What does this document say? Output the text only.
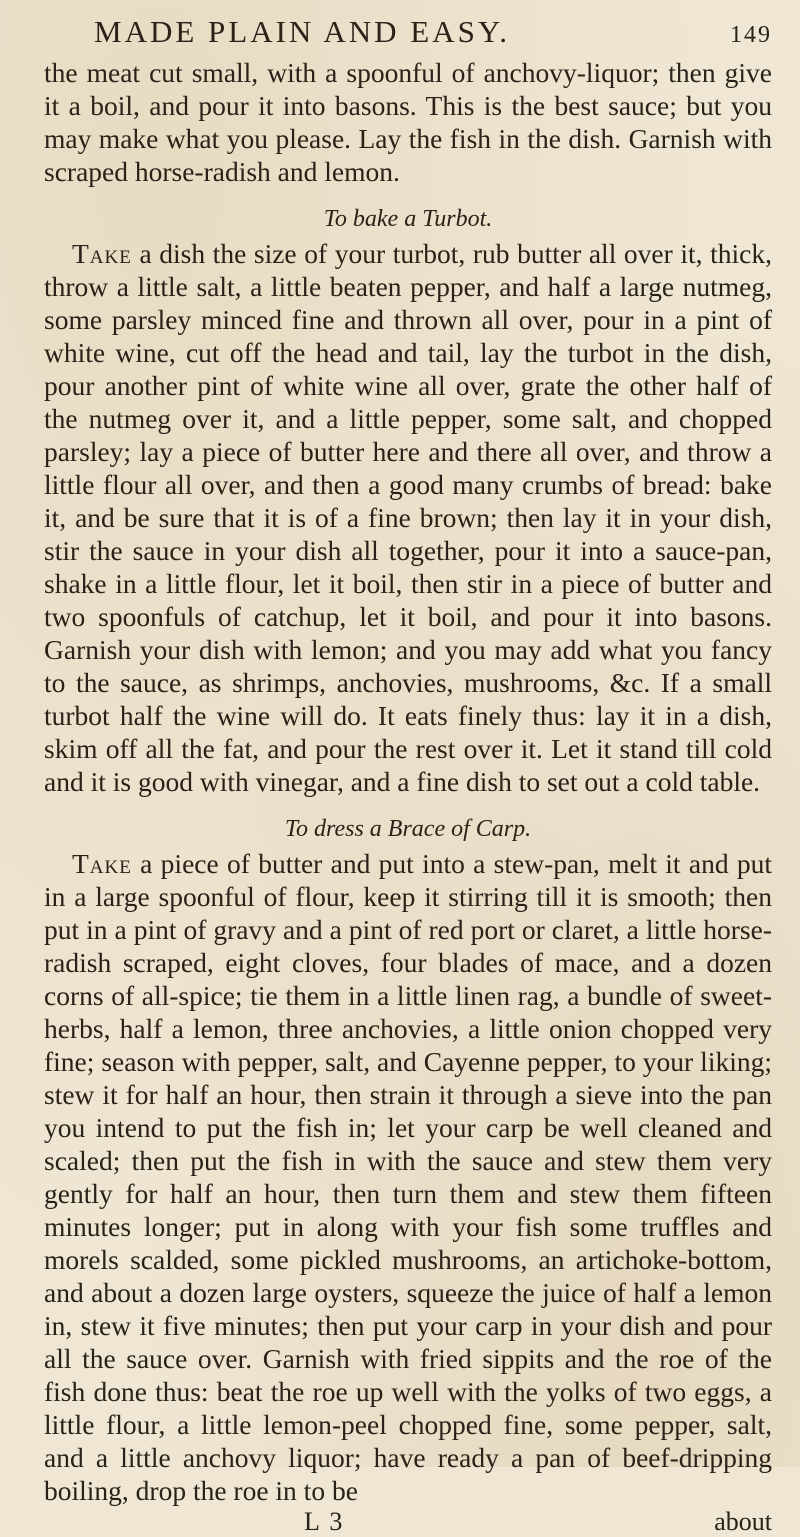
MADE PLAIN AND EASY.	149

the meat cut small, with a spoonful of anchovy-liquor; then give it a boil, and pour it into basons. This is the best sauce; but you may make what you please. Lay the fish in the dish. Garnish with scraped horse-radish and lemon.

To bake a Turbot.

Take a dish the size of your turbot, rub butter all over it, thick, throw a little salt, a little beaten pepper, and half a large nutmeg, some parsley minced fine and thrown all over, pour in a pint of white wine, cut off the head and tail, lay the turbot in the dish, pour another pint of white wine all over, grate the other half of the nutmeg over it, and a little pepper, some salt, and chopped parsley; lay a piece of butter here and there all over, and throw a little flour all over, and then a good many crumbs of bread: bake it, and be sure that it is of a fine brown; then lay it in your dish, stir the sauce in your dish all together, pour it into a sauce-pan, shake in a little flour, let it boil, then stir in a piece of butter and two spoonfuls of catchup, let it boil, and pour it into basons. Garnish your dish with lemon; and you may add what you fancy to the sauce, as shrimps, anchovies, mushrooms, &c. If a small turbot half the wine will do. It eats finely thus: lay it in a dish, skim off all the fat, and pour the rest over it. Let it stand till cold and it is good with vinegar, and a fine dish to set out a cold table.

To dress a Brace of Carp.

Take a piece of butter and put into a stew-pan, melt it and put in a large spoonful of flour, keep it stirring till it is smooth; then put in a pint of gravy and a pint of red port or claret, a little horse-radish scraped, eight cloves, four blades of mace, and a dozen corns of all-spice; tie them in a little linen rag, a bundle of sweet-herbs, half a lemon, three anchovies, a little onion chopped very fine; season with pepper, salt, and Cayenne pepper, to your liking; stew it for half an hour, then strain it through a sieve into the pan you intend to put the fish in; let your carp be well cleaned and scaled; then put the fish in with the sauce and stew them very gently for half an hour, then turn them and stew them fifteen minutes longer; put in along with your fish some truffles and morels scalded, some pickled mushrooms, an artichoke-bottom, and about a dozen large oysters, squeeze the juice of half a lemon in, stew it five minutes; then put your carp in your dish and pour all the sauce over. Garnish with fried sippits and the roe of the fish done thus: beat the roe up well with the yolks of two eggs, a little flour, a little lemon-peel chopped fine, some pepper, salt, and a little anchovy liquor; have ready a pan of beef-dripping boiling, drop the roe in to be

L 3	about
